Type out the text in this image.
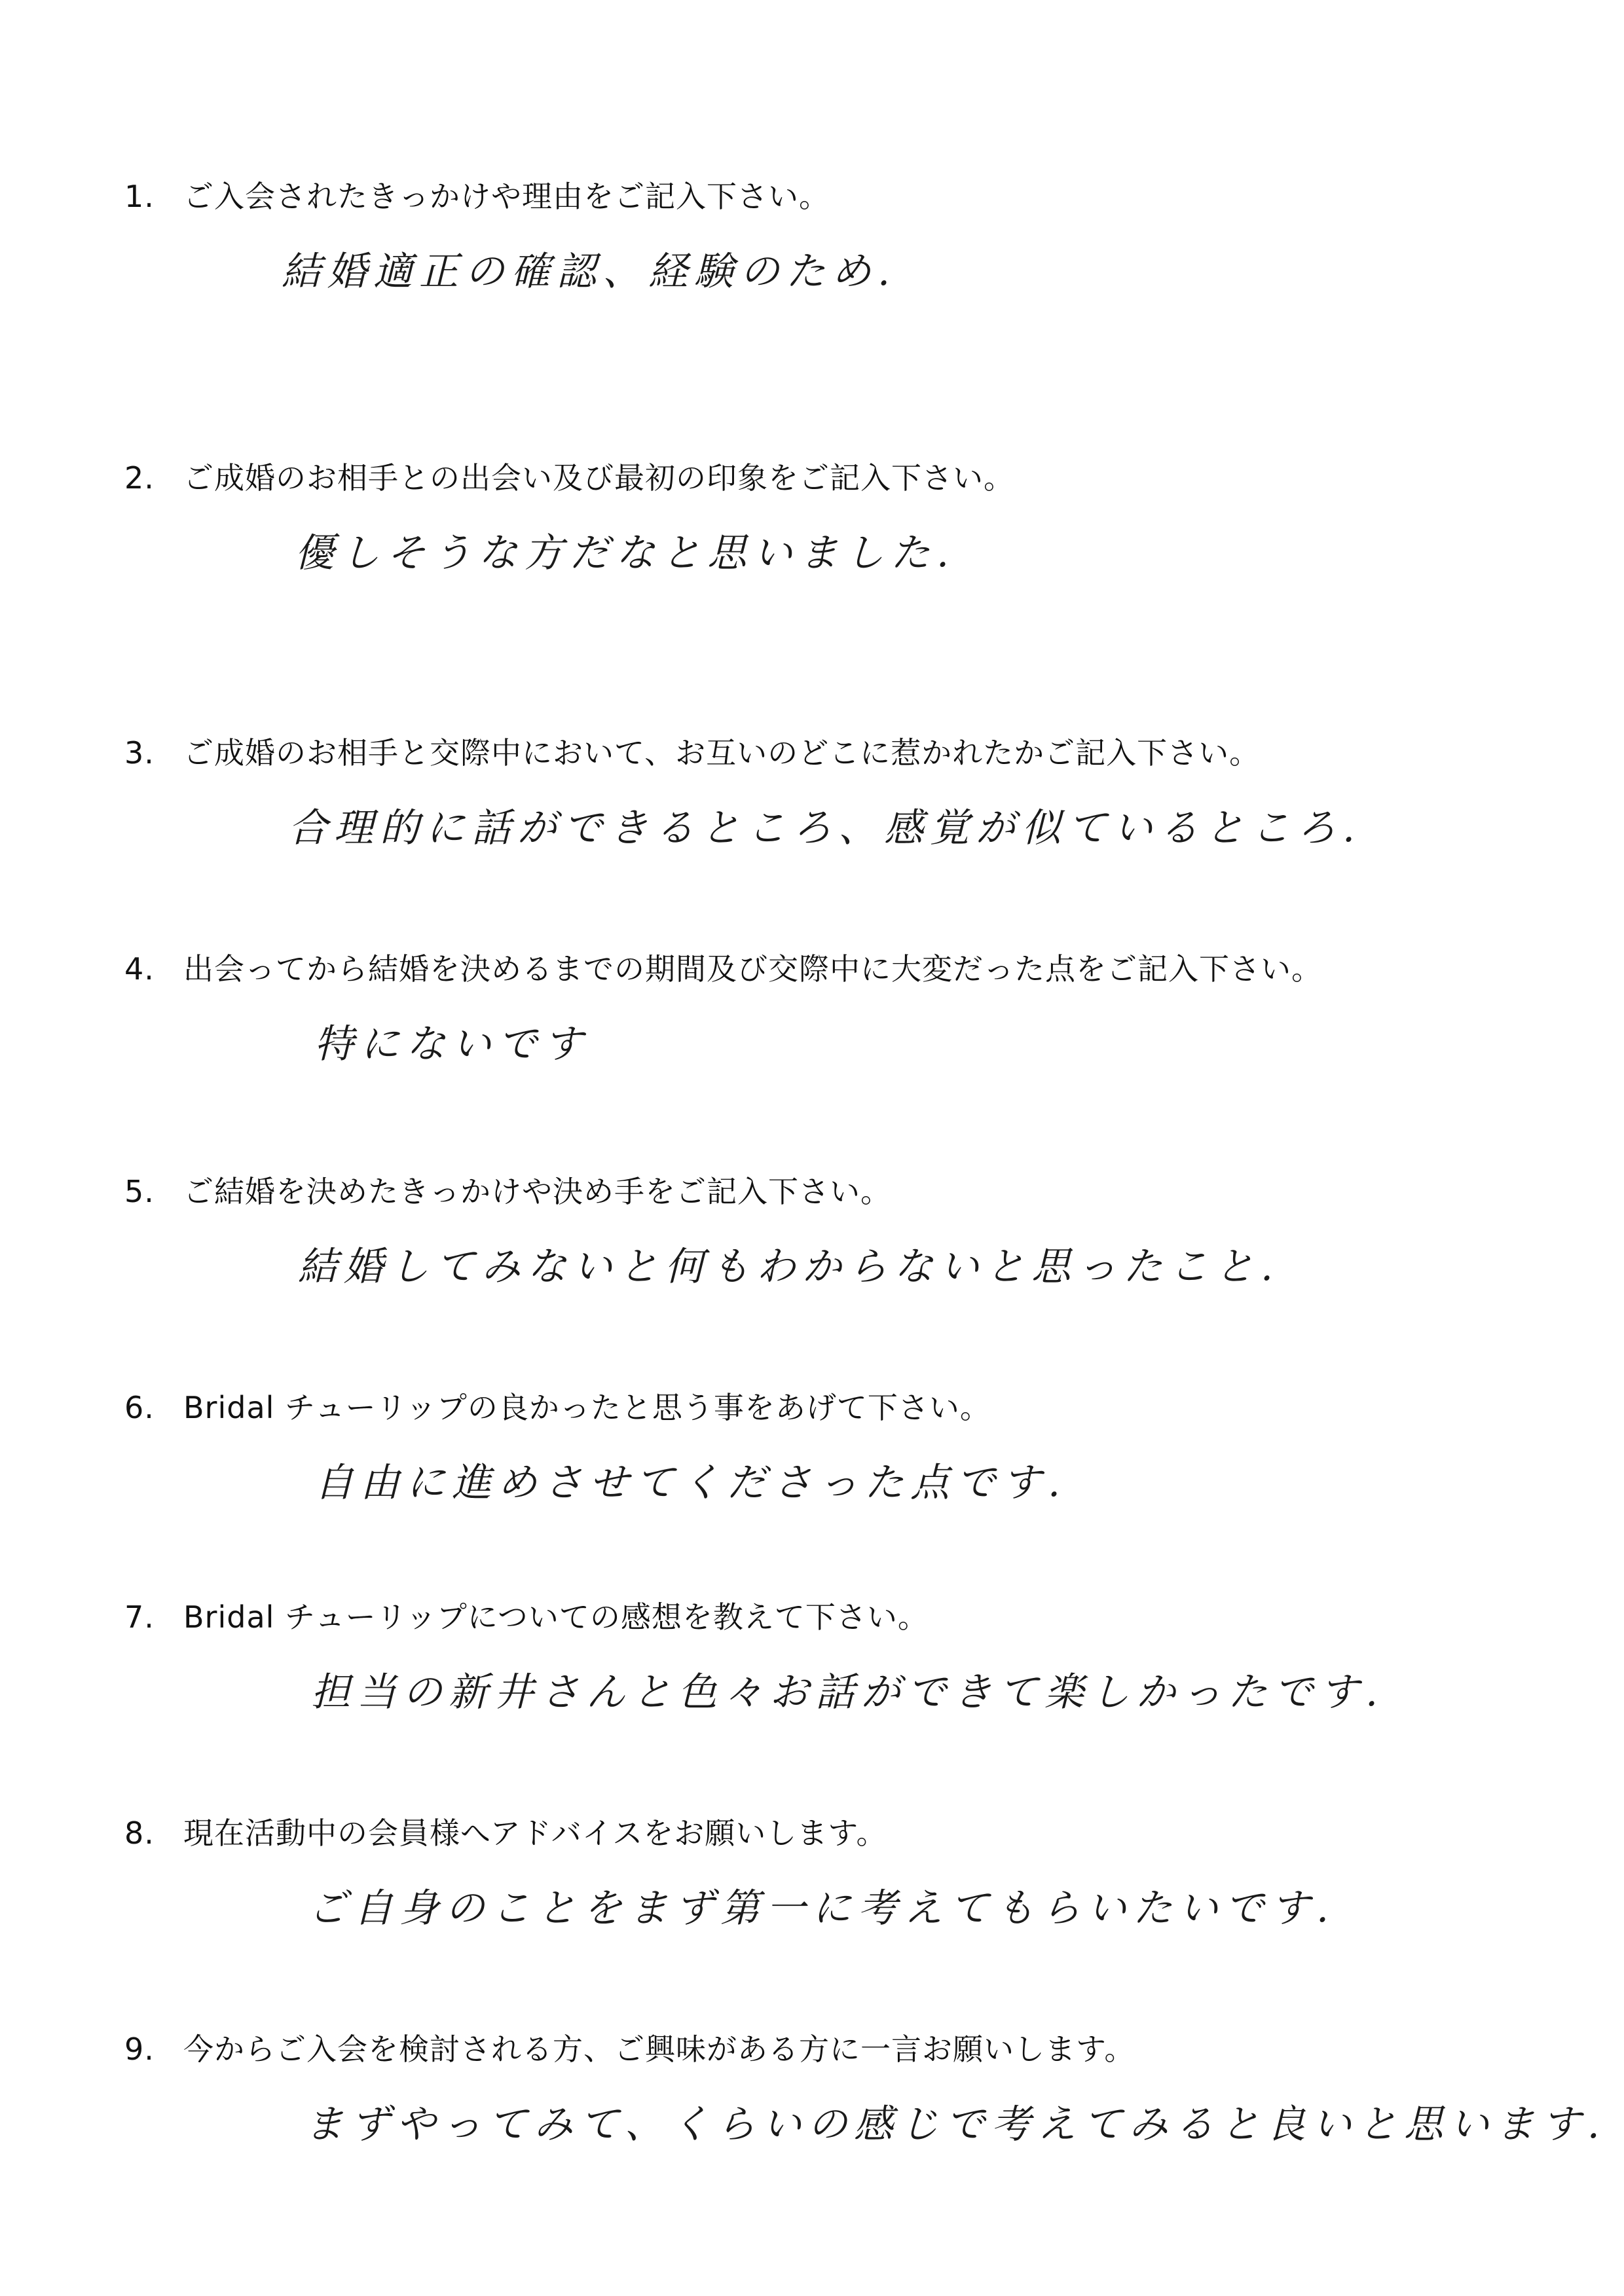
1. ご入会されたきっかけや理由をご記入下さい。
結婚適正の確認、経験のため.
2. ご成婚のお相手との出会い及び最初の印象をご記入下さい。
優しそうな方だなと思いました.
3. ご成婚のお相手と交際中において、お互いのどこに惹かれたかご記入下さい。
合理的に話ができるところ、感覚が似ているところ.
4. 出会ってから結婚を決めるまでの期間及び交際中に大変だった点をご記入下さい。
特にないです
5. ご結婚を決めたきっかけや決め手をご記入下さい。
結婚してみないと何もわからないと思ったこと.
6. Bridal チューリップの良かったと思う事をあげて下さい。
自由に進めさせてくださった点です.
7. Bridal チューリップについての感想を教えて下さい。
担当の新井さんと色々お話ができて楽しかったです.
8. 現在活動中の会員様へアドバイスをお願いします。
ご自身のことをまず第一に考えてもらいたいです.
9. 今からご入会を検討される方、ご興味がある方に一言お願いします。
まずやってみて、くらいの感じで考えてみると良いと思います.
